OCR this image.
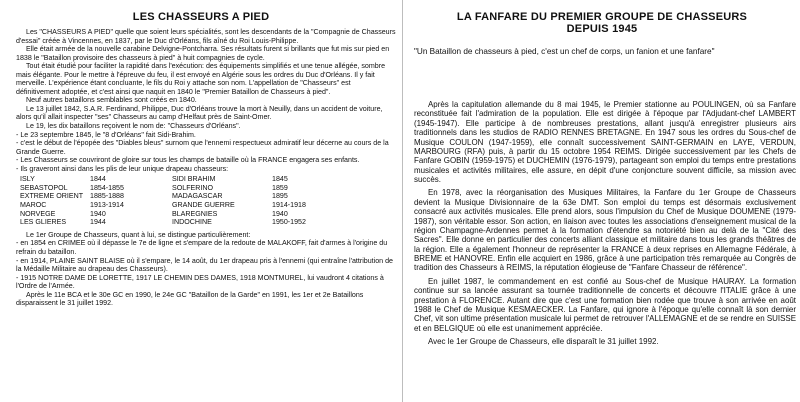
LES CHASSEURS A PIED

Les "CHASSEURS A PIED" quelle que soient leurs spécialités, sont les descendants de la "Compagnie de Chasseurs d'essai" créée à Vincennes, en 1837, par le Duc d'Orléans, fils aîné du Roi Louis-Philippe.

Elle était armée de la nouvelle carabine Delvigne-Pontcharra. Ses résultats furent si brillants que fut mis sur pied en 1838 le "Bataillon provisoire des chasseurs à pied" à huit compagnies de cycle.

Tout était étudié pour faciliter la rapidité dans l'exécution: des équipements simplifiés et une tenue allégée, sombre mais élégante. Pour le mettre à l'épreuve du feu, il est envoyé en Algérie sous les ordres du Duc d'Orléans. Il y fait merveille. L'expérience étant concluante, le fils du Roi y attache son nom. L'appellation de "Chasseurs" est définitivement adoptée, et c'est ainsi que naquit en 1840 le "Premier Bataillon de Chasseurs à pied".

Neuf autres bataillons semblables sont créés en 1840.

Le 13 juillet 1842, S.A.R. Ferdinand, Philippe, Duc d'Orléans trouve la mort à Neuilly, dans un accident de voiture, alors qu'il allait inspecter "ses" Chasseurs au camp d'Helfaut près de Saint-Omer.

Le 19, les dix bataillons reçoivent le nom de: "Chasseurs d'Orléans".

- Le 23 septembre 1845, le "8 d'Orléans" fait Sidi-Brahim.

- c'est le début de l'épopée des "Diables bleus" surnom que l'ennemi respectueux admiratif leur décerne au cours de la Grande Guerre.

- Les Chasseurs se couvriront de gloire sur tous les champs de bataille où la FRANCE engagera ses enfants.

- Ils graveront ainsi dans les plis de leur unique drapeau chasseurs:

ISLY	1844	SIDI BRAHIM	1845
SEBASTOPOL	1854-1855	SOLFERINO	1859
EXTREME ORIENT	1885-1888	MADAGASCAR	1895
MAROC	1913-1914	GRANDE GUERRE	1914-1918
NORVEGE	1940	BLAREGNIES	1940
LES GLIERES	1944	INDOCHINE	1950-1952

Le 1er Groupe de Chasseurs, quant à lui, se distingue particulièrement:

- en 1854 en CRIMEE où il dépasse le 7e de ligne et s'empare de la redoute de MALAKOFF, fait d'armes à l'origine du refrain du bataillon.

- en 1914, PLAINE SAINT BLAISE où il s'empare, le 14 août, du 1er drapeau pris à l'ennemi (qui entraîne l'attribution de la Médaille Militaire au drapeau des Chasseurs).

- 1915 NOTRE DAME DE LORETTE, 1917 LE CHEMIN DES DAMES, 1918 MONTMUREL, lui vaudront 4 citations à l'Ordre de l'Armée.

Après le 11e BCA et le 30e GC en 1990, le 24e GC "Bataillon de la Garde" en 1991, les 1er et 2e Bataillons disparaissent le 31 juillet 1992.

LA FANFARE DU PREMIER GROUPE DE CHASSEURS
DEPUIS 1945
"Un Bataillon de chasseurs à pied, c'est un chef de corps, un fanion et une fanfare"

Après la capitulation allemande du 8 mai 1945, le Premier stationne au POULINGEN, où sa Fanfare reconstituée fait l'admiration de la population. Elle est dirigée à l'époque par l'Adjudant-chef LAMBERT (1945-1947). Elle participe à de nombreuses prestations, allant jusqu'à enregistrer plusieurs airs traditionnels dans les studios de RADIO RENNES BRETAGNE. En 1947 sous les ordres du Sous-chef de Musique COULON (1947-1959), elle connaît successivement SAINT-GERMAIN en LAYE, VERDUN, MARBOURG (RFA) puis, à partir du 15 octobre 1954 REIMS. Dirigée successivement par les Chefs de Fanfare GOBIN (1959-1975) et DUCHEMIN (1976-1979), partageant son emploi du temps entre prestations musicales et activités militaires, elle assure, en dépit d'une conjoncture souvent difficile, sa mission avec succès.

En 1978, avec la réorganisation des Musiques Militaires, la Fanfare du 1er Groupe de Chasseurs devient la Musique Divisionnaire de la 63e DMT. Son emploi du temps est désormais exclusivement consacré aux activités musicales. Elle prend alors, sous l'impulsion du Chef de Musique DOUMENE (1979-1987), son véritable essor. Son action, en liaison avec toutes les associations d'enseignement musical de la région Champagne-Ardennes permet à la formation d'étendre sa notoriété bien au delà de la "Cité des Sacres". Elle donne en particulier des concerts alliant classique et militaire dans tous les grands théâtres de la région. Elle a également l'honneur de représenter la FRANCE à deux reprises en Allemagne Fédérale, à BREME et HANOVRE. Enfin elle acquiert en 1986, grâce à une participation très remarquée au Congrès de tradition des Chasseurs à REIMS, la réputation élogieuse de "Fanfare Chasseur de référence".

En juillet 1987, le commandement en est confié au Sous-chef de Musique HAURAY. La formation continue sur sa lancée assurant sa tournée traditionnelle de concerts et découvre l'ITALIE grâce à une prestation à FLORENCE. Autant dire que c'est une formation bien rodée que trouve à son arrivée en août 1988 le Chef de Musique KESMAECKER. La Fanfare, qui ignore à l'époque qu'elle connaît là son dernier Chef, vit son ultime présentation musicale lui permet de retrouver l'ALLEMAGNE et de se rendre en SUISSE et en BELGIQUE où elle est unanimement appréciée.

Avec le 1er Groupe de Chasseurs, elle disparaît le 31 juillet 1992.
